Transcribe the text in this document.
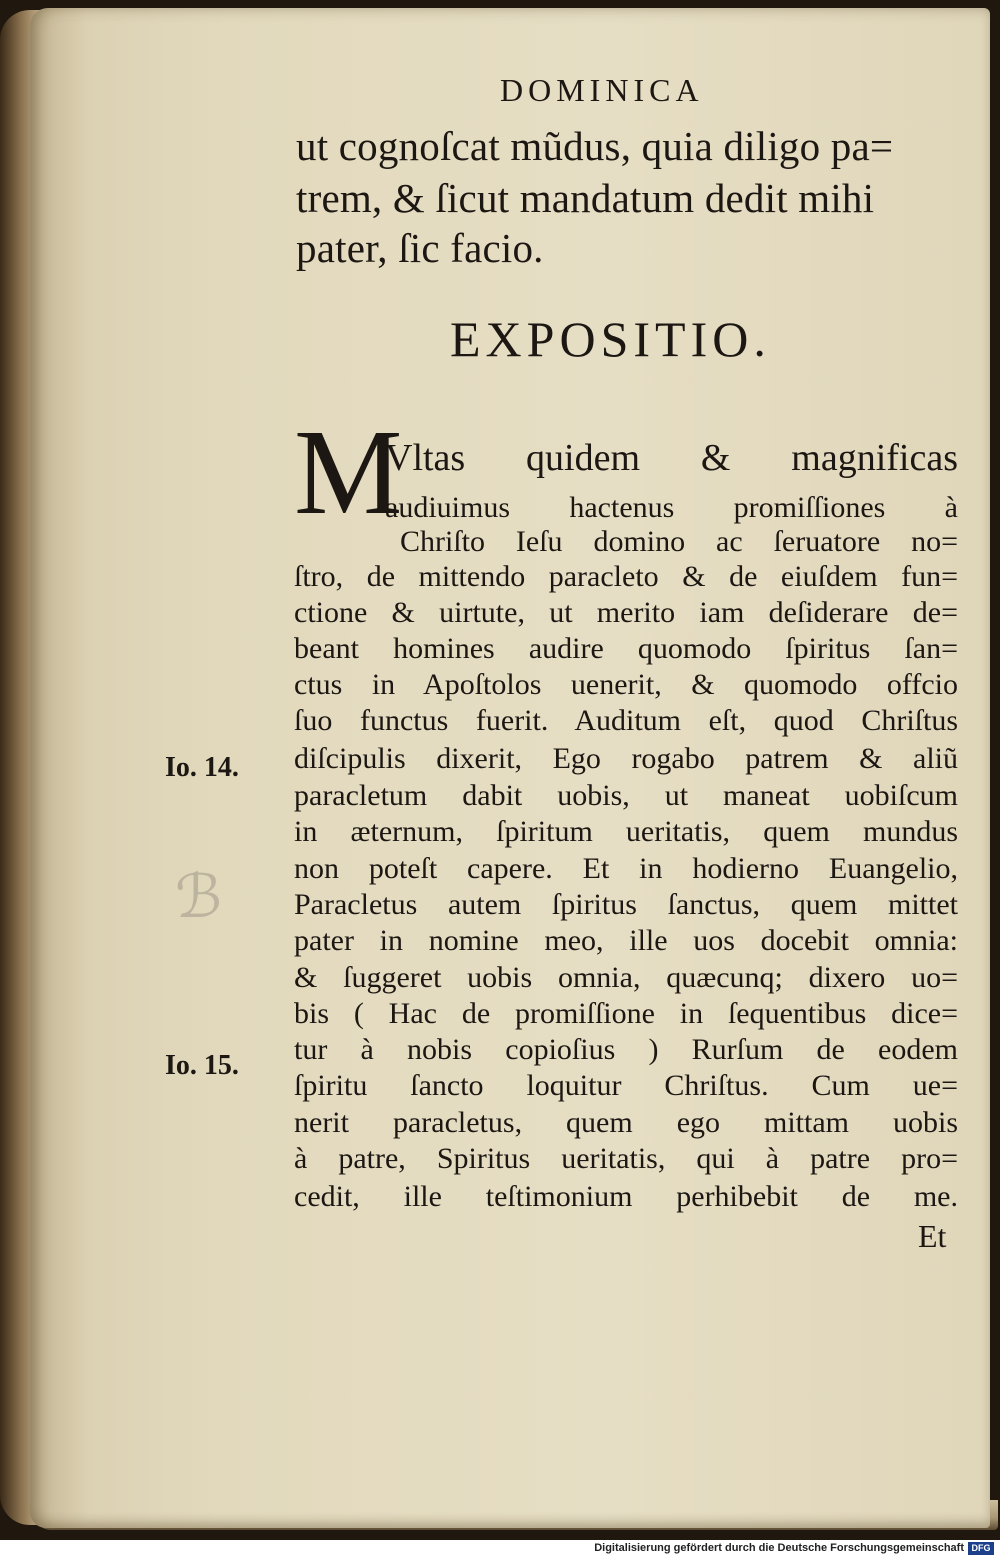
DOMINICA
ut cognoſcat mũdus, quia diligo pa=
trem, & ſicut mandatum dedit mihi
pater, ſic facio.
EXPOSITIO.
M
Vltas quidem & magnificas
audiuimus hactenus promiſſiones à
Chriſto Ieſu domino ac ſeruatore no=
ſtro, de mittendo paracleto & de eiuſdem fun=
ctione & uirtute, ut merito iam deſiderare de=
beant homines audire quomodo ſpiritus ſan=
ctus in Apoſtolos uenerit, & quomodo offcio
ſuo functus fuerit. Auditum eſt, quod Chriſtus
diſcipulis dixerit, Ego rogabo patrem & aliũ
paracletum dabit uobis, ut maneat uobiſcum
in æternum, ſpiritum ueritatis, quem mundus
non poteſt capere. Et in hodierno Euangelio,
Paracletus autem ſpiritus ſanctus, quem mittet
pater in nomine meo, ille uos docebit omnia:
& ſuggeret uobis omnia, quæcunq; dixero uo=
bis ( Hac de promiſſione in ſequentibus dice=
tur à nobis copioſius ) Rurſum de eodem
ſpiritu ſancto loquitur Chriſtus. Cum ue=
nerit paracletus, quem ego mittam uobis
à patre, Spiritus ueritatis, qui à patre pro=
cedit, ille teſtimonium perhibebit de me.
Io. 14.
Io. 15.
ℬ
Et
Digitalisierung gefördert durch die Deutsche Forschungsgemeinschaft DFG
